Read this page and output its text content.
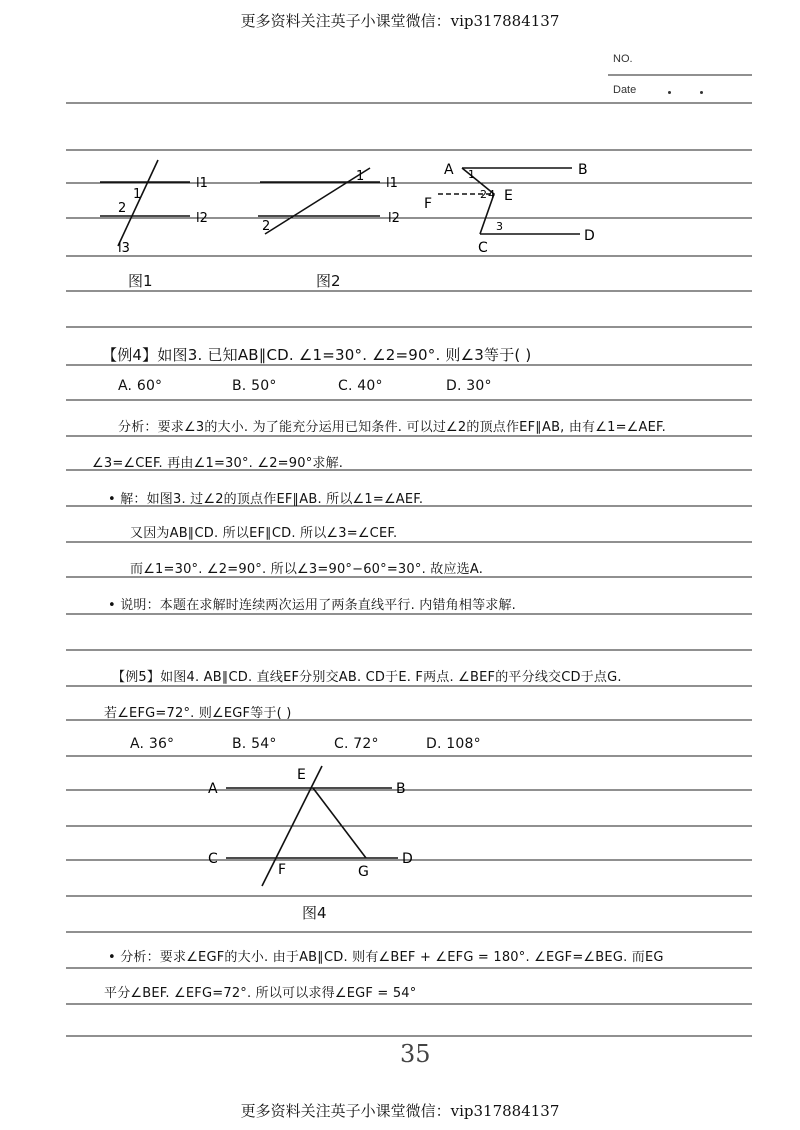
更多资料关注英子小课堂微信：vip317884137
NO.
Date
1
2
l1
l2
l3
1
2
l1
l2
A	B
C
D
E
F
1
2
3
4
图1	图2
【例4】如图3. 已知AB∥CD. ∠1=30°. ∠2=90°. 则∠3等于( )
A. 60°	B. 50°	C. 40°	D. 30°
分析：要求∠3的大小. 为了能充分运用已知条件. 可以过∠2的顶点作EF∥AB, 由有∠1=∠AEF.
∠3=∠CEF. 再由∠1=30°. ∠2=90°求解.
• 解：如图3. 过∠2的顶点作EF∥AB. 所以∠1=∠AEF.
又因为AB∥CD. 所以EF∥CD. 所以∠3=∠CEF.
而∠1=30°. ∠2=90°. 所以∠3=90°−60°=30°. 故应选A.
• 说明：本题在求解时连续两次运用了两条直线平行. 内错角相等求解.
【例5】如图4. AB∥CD. 直线EF分别交AB. CD于E. F两点. ∠BEF的平分线交CD于点G.
若∠EFG=72°. 则∠EGF等于( )
A. 36°	B. 54°	C. 72°	D. 108°
A	B
C	D
E
F	G
图4
• 分析：要求∠EGF的大小. 由于AB∥CD. 则有∠BEF + ∠EFG = 180°. ∠EGF=∠BEG. 而EG
平分∠BEF. ∠EFG=72°. 所以可以求得∠EGF = 54°
35
更多资料关注英子小课堂微信：vip317884137
